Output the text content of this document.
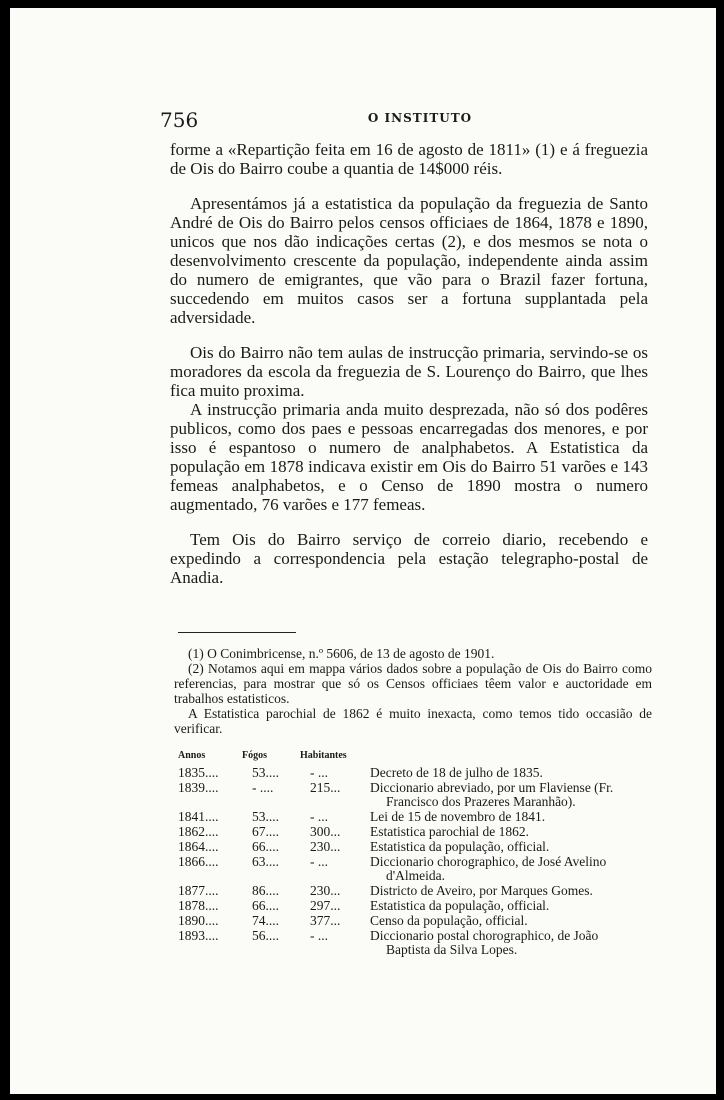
756	O INSTITUTO

forme a «Repartição feita em 16 de agosto de 1811» (1) e á freguezia de Ois do Bairro coube a quantia de 14$000 réis.

Apresentámos já a estatistica da população da freguezia de Santo André de Ois do Bairro pelos censos officiaes de 1864, 1878 e 1890, unicos que nos dão indicações certas (2), e dos mesmos se nota o desenvolvimento crescente da população, independente ainda assim do numero de emigrantes, que vão para o Brazil fazer fortuna, succedendo em muitos casos ser a fortuna supplantada pela adversidade.

Ois do Bairro não tem aulas de instrucção primaria, servindo-se os moradores da escola da freguezia de S. Lourenço do Bairro, que lhes fica muito proxima.

A instrucção primaria anda muito desprezada, não só dos podêres publicos, como dos paes e pessoas encarregadas dos menores, e por isso é espantoso o numero de analphabetos. A Estatistica da população em 1878 indicava existir em Ois do Bairro 51 varões e 143 femeas analphabetos, e o Censo de 1890 mostra o numero augmentado, 76 varões e 177 femeas.

Tem Ois do Bairro serviço de correio diario, recebendo e expedindo a correspondencia pela estação telegrapho-postal de Anadia.

(1) O Conimbricense, n.º 5606, de 13 de agosto de 1901.

(2) Notamos aqui em mappa vários dados sobre a população de Ois do Bairro como referencias, para mostrar que só os Censos officiaes têem valor e auctoridade em trabalhos estatisticos.

A Estatistica parochial de 1862 é muito inexacta, como temos tido occasião de verificar.

Annos	Fógos	Habitantes
1835....	53....	- ...	Decreto de 18 de julho de 1835.
1839....	- ....	215...	Diccionario abreviado, por um Flaviense (Fr.
Francisco dos Prazeres Maranhão).
1841....	53....	- ...	Lei de 15 de novembro de 1841.
1862....	67....	300...	Estatistica parochial de 1862.
1864....	66....	230...	Estatistica da população, official.
1866....	63....	- ...	Diccionario chorographico, de José Avelino
d'Almeida.
1877....	86....	230...	Districto de Aveiro, por Marques Gomes.
1878....	66....	297...	Estatistica da população, official.
1890....	74....	377...	Censo da população, official.
1893....	56....	- ...	Diccionario postal chorographico, de João
Baptista da Silva Lopes.
